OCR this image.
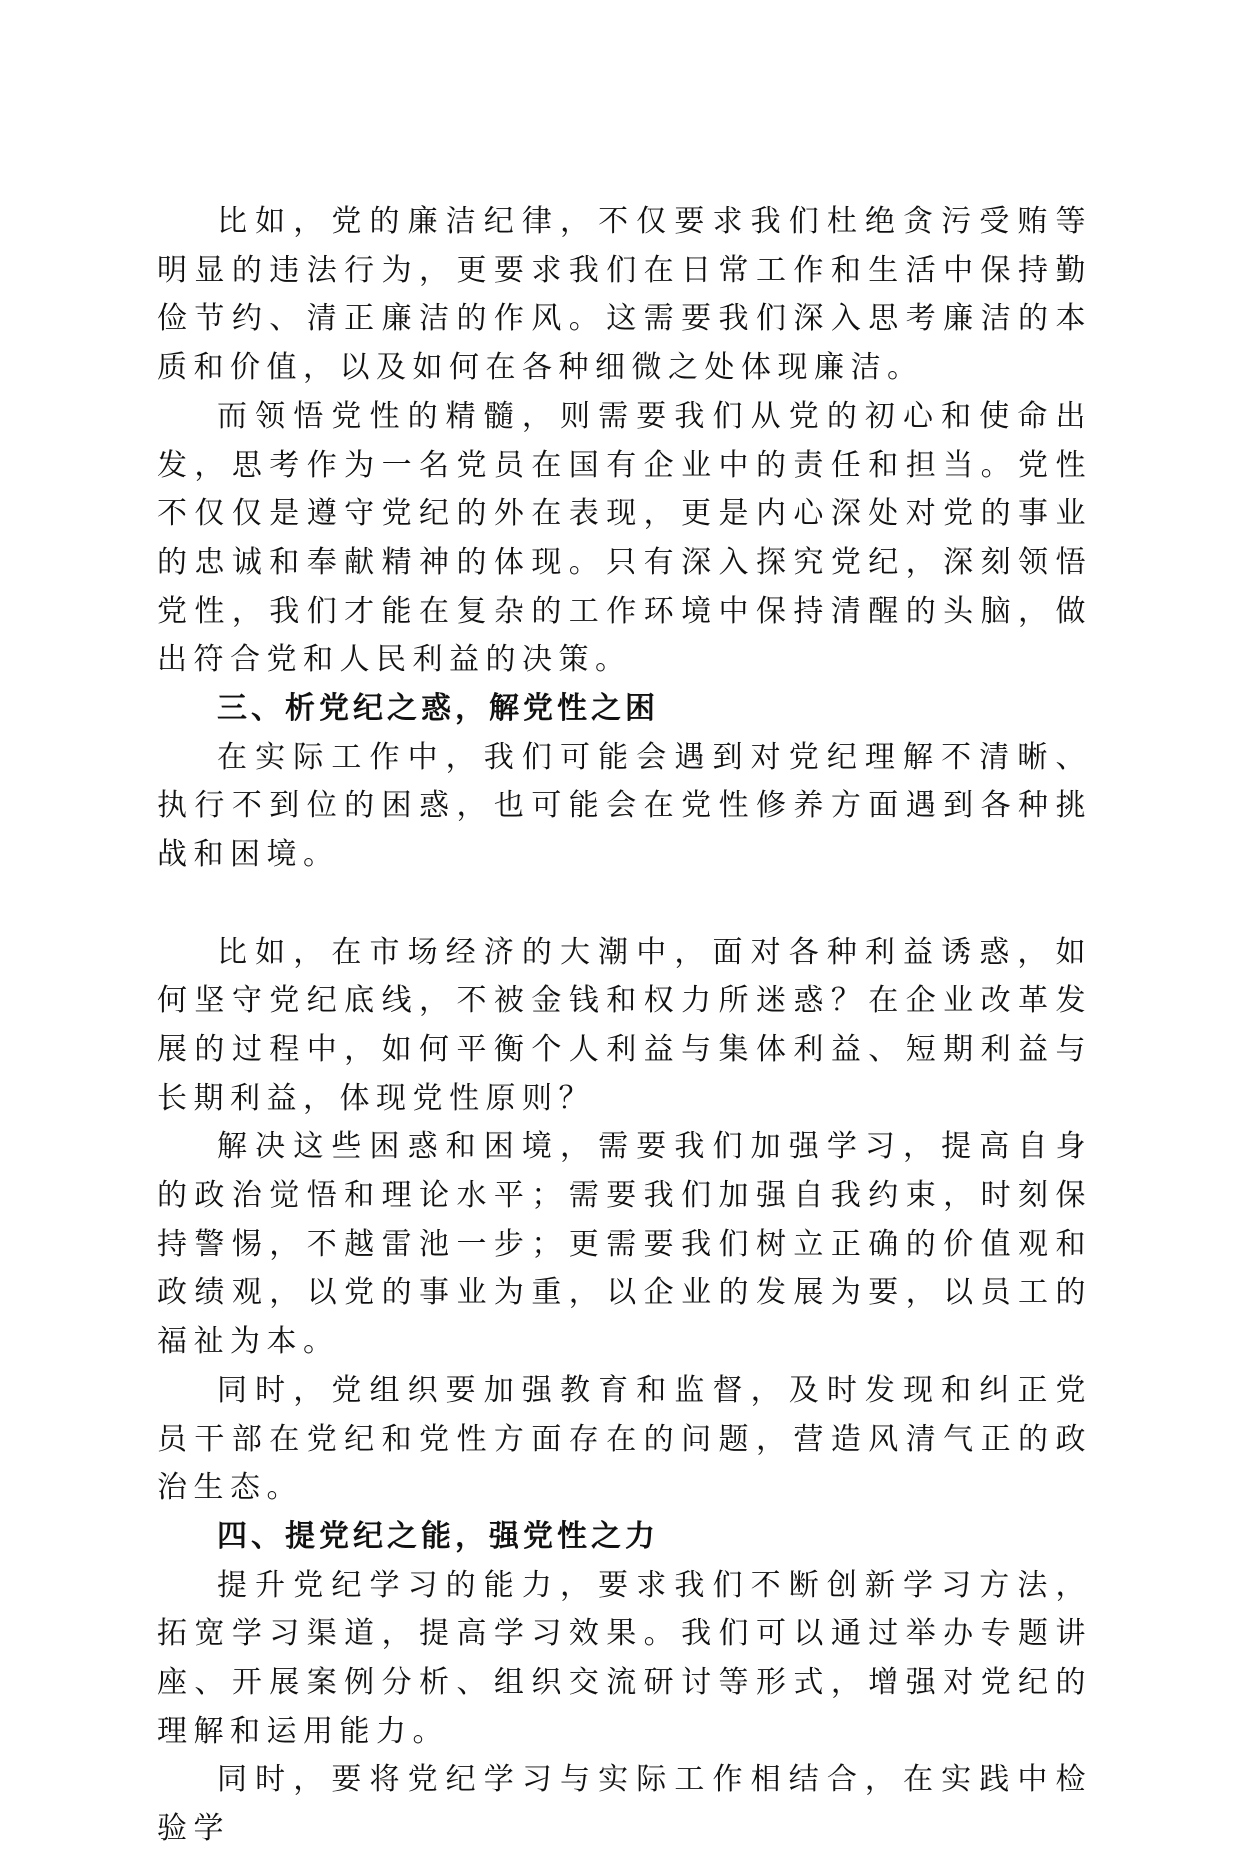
比如，党的廉洁纪律，不仅要求我们杜绝贪污受贿等明显的违法行为，更要求我们在日常工作和生活中保持勤俭节约、清正廉洁的作风。这需要我们深入思考廉洁的本质和价值，以及如何在各种细微之处体现廉洁。

而领悟党性的精髓，则需要我们从党的初心和使命出发，思考作为一名党员在国有企业中的责任和担当。党性不仅仅是遵守党纪的外在表现，更是内心深处对党的事业的忠诚和奉献精神的体现。只有深入探究党纪，深刻领悟党性，我们才能在复杂的工作环境中保持清醒的头脑，做出符合党和人民利益的决策。

三、析党纪之惑，解党性之困

在实际工作中，我们可能会遇到对党纪理解不清晰、执行不到位的困惑，也可能会在党性修养方面遇到各种挑战和困境。

比如，在市场经济的大潮中，面对各种利益诱惑，如何坚守党纪底线，不被金钱和权力所迷惑？在企业改革发展的过程中，如何平衡个人利益与集体利益、短期利益与长期利益，体现党性原则？

解决这些困惑和困境，需要我们加强学习，提高自身的政治觉悟和理论水平；需要我们加强自我约束，时刻保持警惕，不越雷池一步；更需要我们树立正确的价值观和政绩观，以党的事业为重，以企业的发展为要，以员工的福祉为本。

同时，党组织要加强教育和监督，及时发现和纠正党员干部在党纪和党性方面存在的问题，营造风清气正的政治生态。

四、提党纪之能，强党性之力

提升党纪学习的能力，要求我们不断创新学习方法，拓宽学习渠道，提高学习效果。我们可以通过举办专题讲座、开展案例分析、组织交流研讨等形式，增强对党纪的理解和运用能力。

同时，要将党纪学习与实际工作相结合，在实践中检验学
